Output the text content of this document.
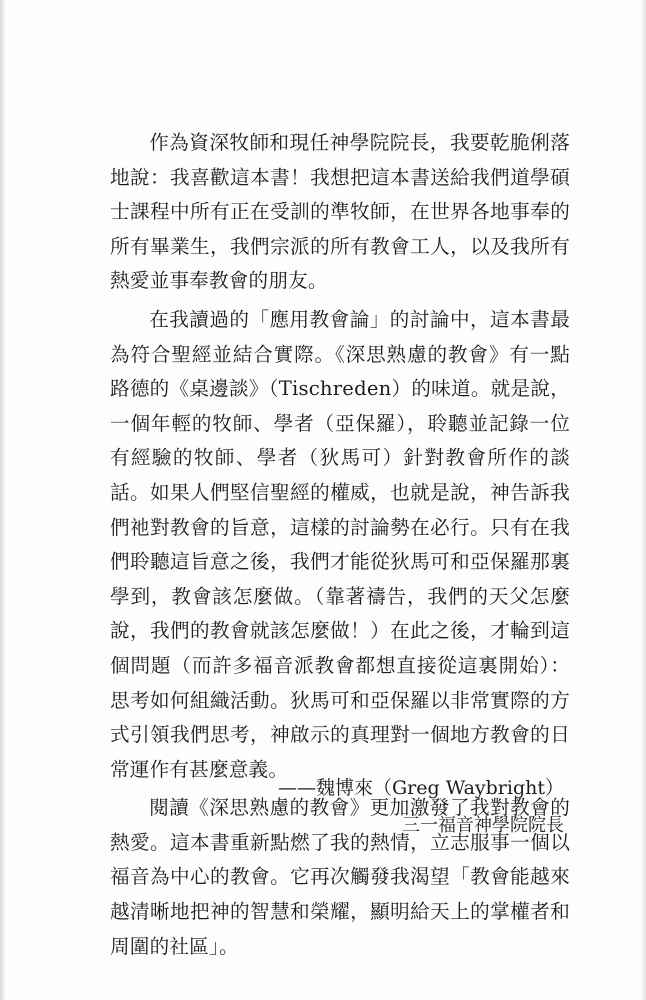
作為資深牧師和現任神學院院長，我要乾脆俐落地說：我喜歡這本書！我想把這本書送給我們道學碩士課程中所有正在受訓的準牧師，在世界各地事奉的所有畢業生，我們宗派的所有教會工人，以及我所有熱愛並事奉教會的朋友。

在我讀過的「應用教會論」的討論中，這本書最為符合聖經並結合實際。《深思熟慮的教會》有一點路德的《桌邊談》（Tischreden）的味道。就是說，一個年輕的牧師、學者（亞保羅），聆聽並記錄一位有經驗的牧師、學者（狄馬可）針對教會所作的談話。如果人們堅信聖經的權威，也就是說，神告訴我們祂對教會的旨意，這樣的討論勢在必行。只有在我們聆聽這旨意之後，我們才能從狄馬可和亞保羅那裏學到，教會該怎麼做。（靠著禱告，我們的天父怎麼說，我們的教會就該怎麼做！）在此之後，才輪到這個問題（而許多福音派教會都想直接從這裏開始）：思考如何組織活動。狄馬可和亞保羅以非常實際的方式引領我們思考，神啟示的真理對一個地方教會的日常運作有甚麼意義。

閱讀《深思熟慮的教會》更加激發了我對教會的熱愛。這本書重新點燃了我的熱情，立志服事一個以福音為中心的教會。它再次觸發我渴望「教會能越來越清晰地把神的智慧和榮耀，顯明給天上的掌權者和周圍的社區」。

——魏博來（Greg Waybright）
三一福音神學院院長
